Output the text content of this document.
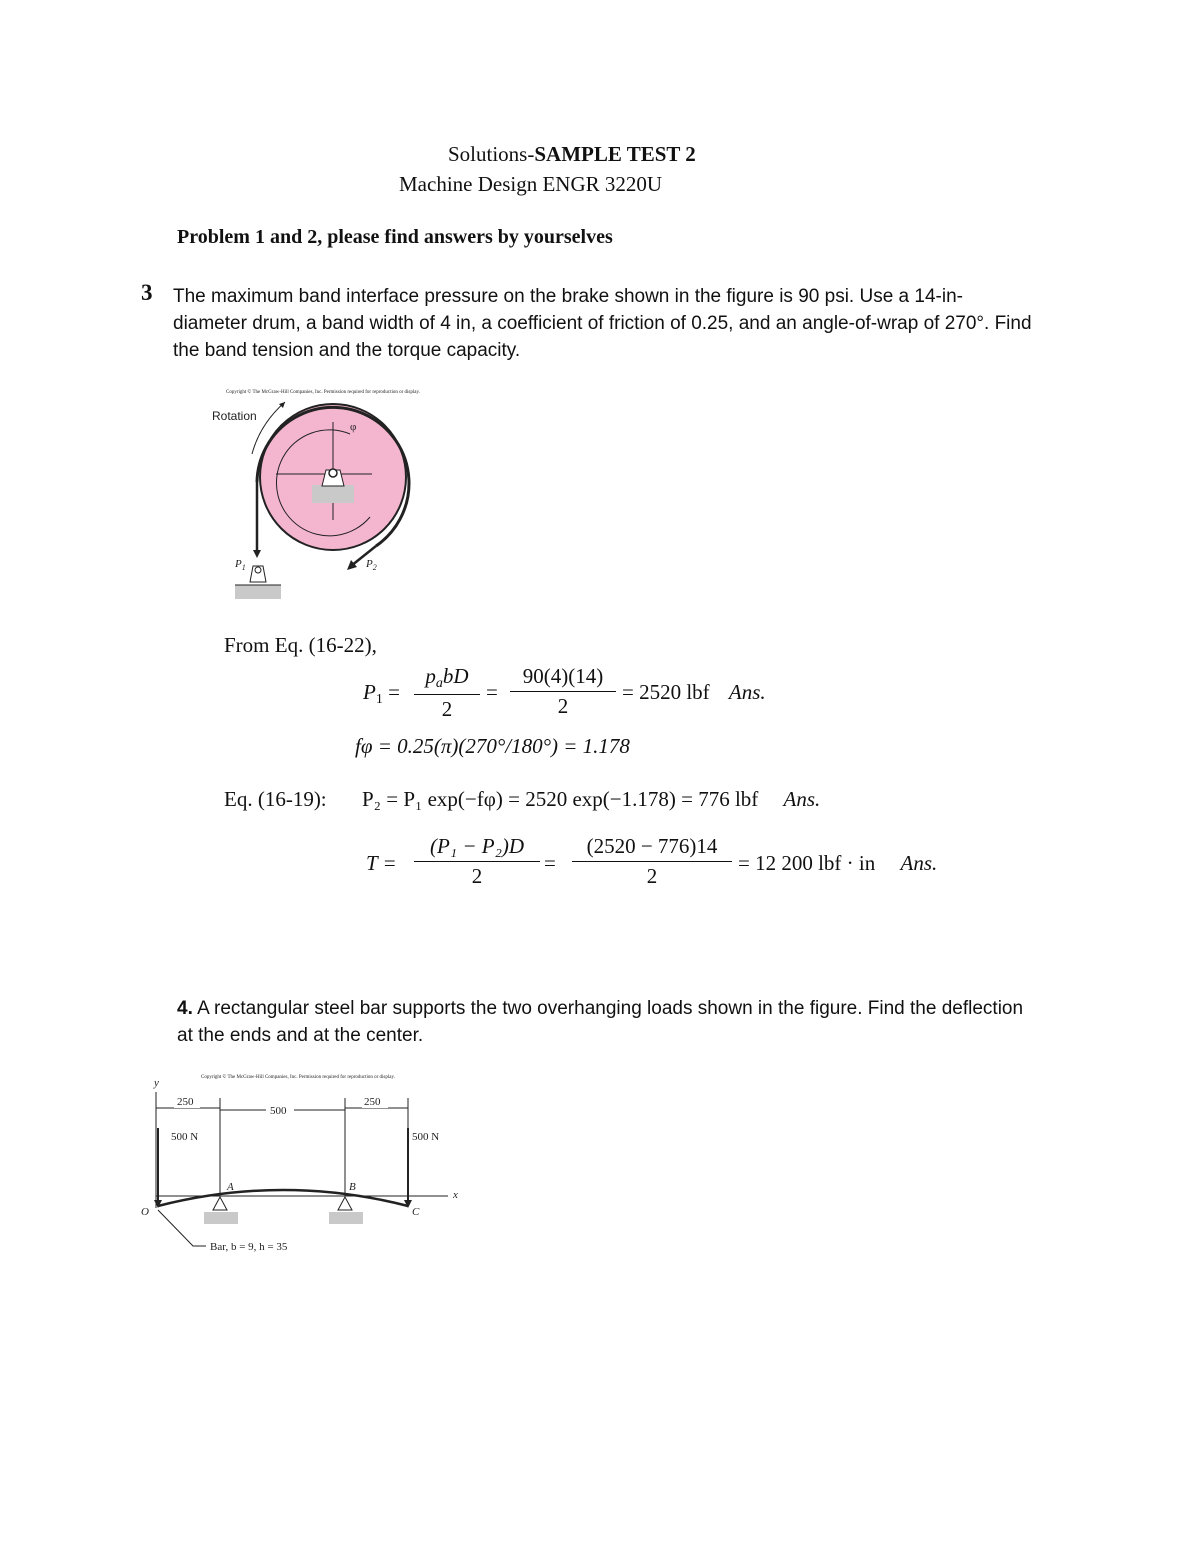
Solutions-SAMPLE TEST 2
Machine Design ENGR 3220U
Problem 1 and 2, please find answers by yourselves
3 The maximum band interface pressure on the brake shown in the figure is 90 psi. Use a 14-in-diameter drum, a band width of 4 in, a coefficient of friction of 0.25, and an angle-of-wrap of 270°. Find the band tension and the torque capacity.
Copyright © The McGraw-Hill Companies, Inc. Permission required for reproduction or display.
Rotation
φ
$P_1$	$P_2$
From Eq. (16-22),
$P_1$ =
$p_abD$
2
=
90(4)(14)
2
= 2520 lbf Ans.
fφ = 0.25(π)(270°/180°) = 1.178
Eq. (16-19): P₂ = P₁ exp(−fφ) = 2520 exp(−1.178) = 776 lbf Ans.
T =
(P₁ − P₂)D
2
=
(2520 − 776)14
2
= 12 200 lbf · in Ans.
4. A rectangular steel bar supports the two overhanging loads shown in the figure. Find the deflection at the ends and at the center.
Copyright © The McGraw-Hill Companies, Inc. Permission required for reproduction or display.
y
x
250
500
250
500 N	500 N
A	B
O	C
Bar, b = 9, h = 35
